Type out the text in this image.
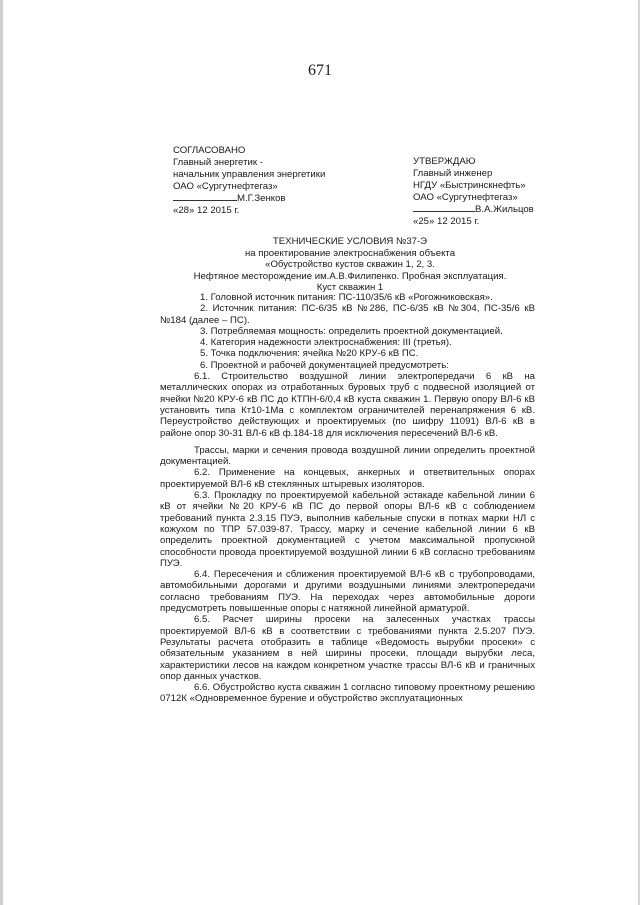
671
СОГЛАСОВАНО
Главный энергетик -
начальник управления энергетики
ОАО «Сургутнефтегаз»
М.Г.Зенков
«28» 12 2015 г.
УТВЕРЖДАЮ
Главный инженер
НГДУ «Быстринскнефть»
ОАО «Сургутнефтегаз»
В.А.Жильцов
«25» 12 2015 г.
ТЕХНИЧЕСКИЕ УСЛОВИЯ №37-Э
на проектирование электроснабжения объекта
«Обустройство кустов скважин 1, 2, 3.
Нефтяное месторождение им.А.В.Филипенко. Пробная эксплуатация.
Куст скважин 1

1. Головной источник питания: ПС-110/35/6 кВ «Рогожниковская».

2. Источник питания: ПС-6/35 кВ №286, ПС-6/35 кВ №304, ПС-35/6 кВ №184 (далее – ПС).

3. Потребляемая мощность: определить проектной документацией.

4. Категория надежности электроснабжения: III (третья).

5. Точка подключения: ячейка №20 КРУ-6 кВ ПС.

6. Проектной и рабочей документацией предусмотреть:

6.1. Строительство воздушной линии электропередачи 6 кВ на металлических опорах из отработанных буровых труб с подвесной изоляцией от ячейки №20 КРУ-6 кВ ПС до КТПН-6/0,4 кВ куста скважин 1. Первую опору ВЛ-6 кВ установить типа Кт10-1Ма с комплектом ограничителей перенапряжения 6 кВ. Переустройство действующих и проектируемых (по шифру 11091) ВЛ-6 кВ в районе опор 30-31 ВЛ-6 кВ ф.184-18 для исключения пересечений ВЛ-6 кВ.

Трассы, марки и сечения провода воздушной линии определить проектной документацией.

6.2. Применение на концевых, анкерных и ответвительных опорах проектируемой ВЛ-6 кВ стеклянных штыревых изоляторов.

6.3. Прокладку по проектируемой кабельной эстакаде кабельной линии 6 кВ от ячейки №20 КРУ-6 кВ ПС до первой опоры ВЛ-6 кВ с соблюдением требований пункта 2.3.15 ПУЭ, выполнив кабельные спуски в потках марки НЛ с кожухом по ТПР 57.039-87. Трассу, марку и сечение кабельной линии 6 кВ определить проектной документацией с учетом максимальной пропускной способности провода проектируемой воздушной линии 6 кВ согласно требованиям ПУЭ.

6.4. Пересечения и сближения проектируемой ВЛ-6 кВ с трубопроводами, автомобильными дорогами и другими воздушными линиями электропередачи согласно требованиям ПУЭ. На переходах через автомобильные дороги предусмотреть повышенные опоры с натяжной линейной арматурой.

6.5. Расчет ширины просеки на залесенных участках трассы проектируемой ВЛ-6 кВ в соответствии с требованиями пункта 2.5.207 ПУЭ. Результаты расчета отобразить в таблице «Ведомость вырубки просеки» с обязательным указанием в ней ширины просеки, площади вырубки леса, характеристики лесов на каждом конкретном участке трассы ВЛ-6 кВ и граничных опор данных участков.

6.6. Обустройство куста скважин 1 согласно типовому проектному решению 0712К «Одновременное бурение и обустройство эксплуатационных
